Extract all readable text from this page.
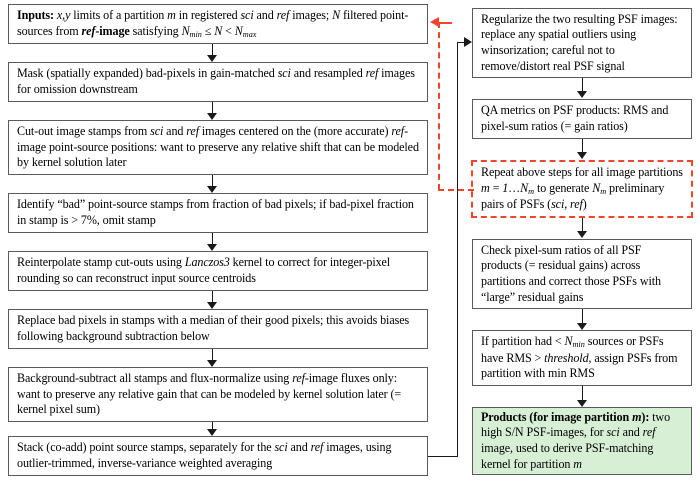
Inputs: x,y limits of a partition m in registered sci and ref images; N filtered point-sources from ref-image satisfying $N_{min} \le N < N_{max}$
Mask (spatially expanded) bad-pixels in gain-matched sci and resampled ref images for omission downstream
Cut-out image stamps from sci and ref images centered on the (more accurate) ref-image point-source positions: want to preserve any relative shift that can be modeled by kernel solution later
Identify “bad” point-source stamps from fraction of bad pixels; if bad-pixel fraction in stamp is > 7%, omit stamp
Reinterpolate stamp cut-outs using Lanczos3 kernel to correct for integer-pixel rounding so can reconstruct input source centroids
Replace bad pixels in stamps with a median of their good pixels; this avoids biases following background subtraction below
Background-subtract all stamps and flux-normalize using ref-image fluxes only: want to preserve any relative gain that can be modeled by kernel solution later (= kernel pixel sum)
Stack (co-add) point source stamps, separately for the sci and ref images, using outlier-trimmed, inverse-variance weighted averaging
Regularize the two resulting PSF images: replace any spatial outliers using winsorization; careful not to remove/distort real PSF signal
QA metrics on PSF products: RMS and pixel-sum ratios (= gain ratios)
Repeat above steps for all image partitions $m = 1\dots N_m$ to generate $N_m$ preliminary pairs of PSFs (sci, ref)
Check pixel-sum ratios of all PSF products (= residual gains) across partitions and correct those PSFs with “large” residual gains
If partition had < $N_{min}$ sources or PSFs have RMS > threshold, assign PSFs from partition with min RMS
Products (for image partition m): two high S/N PSF-images, for sci and ref image, used to derive PSF-matching kernel for partition m
